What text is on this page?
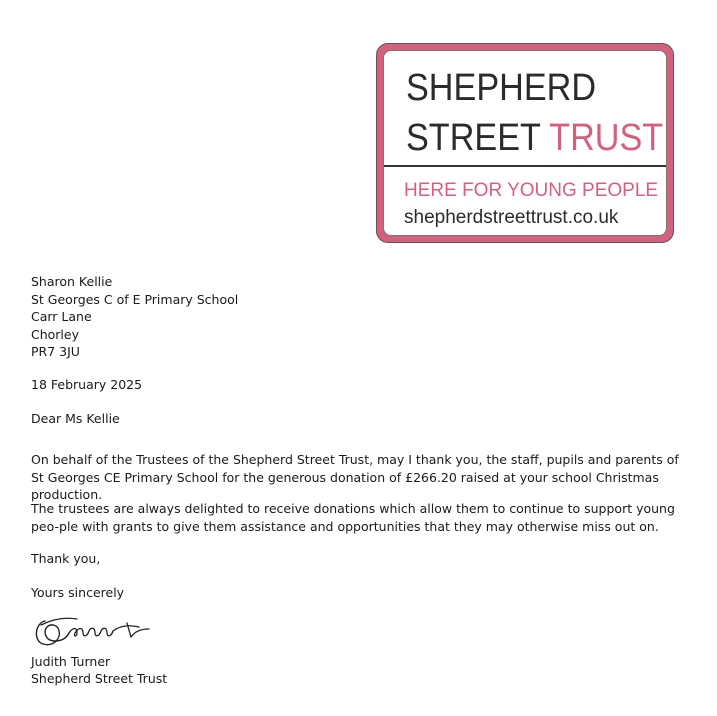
SHEPHERD
STREET TRUST
HERE FOR YOUNG PEOPLE
shepherdstreettrust.co.uk
Sharon Kellie
St Georges C of E Primary School
Carr Lane
Chorley
PR7 3JU
18 February 2025
Dear Ms Kellie
On behalf of the Trustees of the Shepherd Street Trust, may I thank you, the staff, pupils and parents of St Georges CE Primary School for the generous donation of £266.20 raised at your school Christmas production.
The trustees are always delighted to receive donations which allow them to continue to support young peo-ple with grants to give them assistance and opportunities that they may otherwise miss out on.
Thank you,
Yours sincerely
Judith Turner
Shepherd Street Trust
